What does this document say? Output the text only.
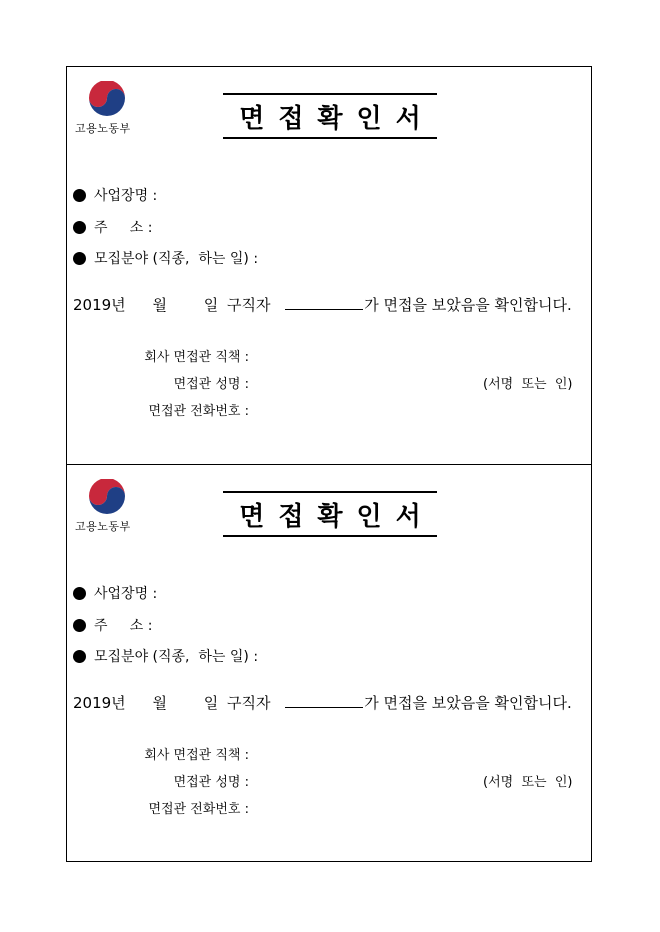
고용노동부	면접확인서
사업장명 :
주     소 :
모집분야 (직종,  하는 일) :
2019년 월 일 구직자	가 면접을 보았음을 확인합니다.
회사 면접관 직책 :
면접관 성명 :	(서명  또는  인)
면접관 전화번호 :
고용노동부	면접확인서
사업장명 :
주     소 :
모집분야 (직종,  하는 일) :
2019년 월 일 구직자	가 면접을 보았음을 확인합니다.
회사 면접관 직책 :
면접관 성명 :	(서명  또는  인)
면접관 전화번호 :
